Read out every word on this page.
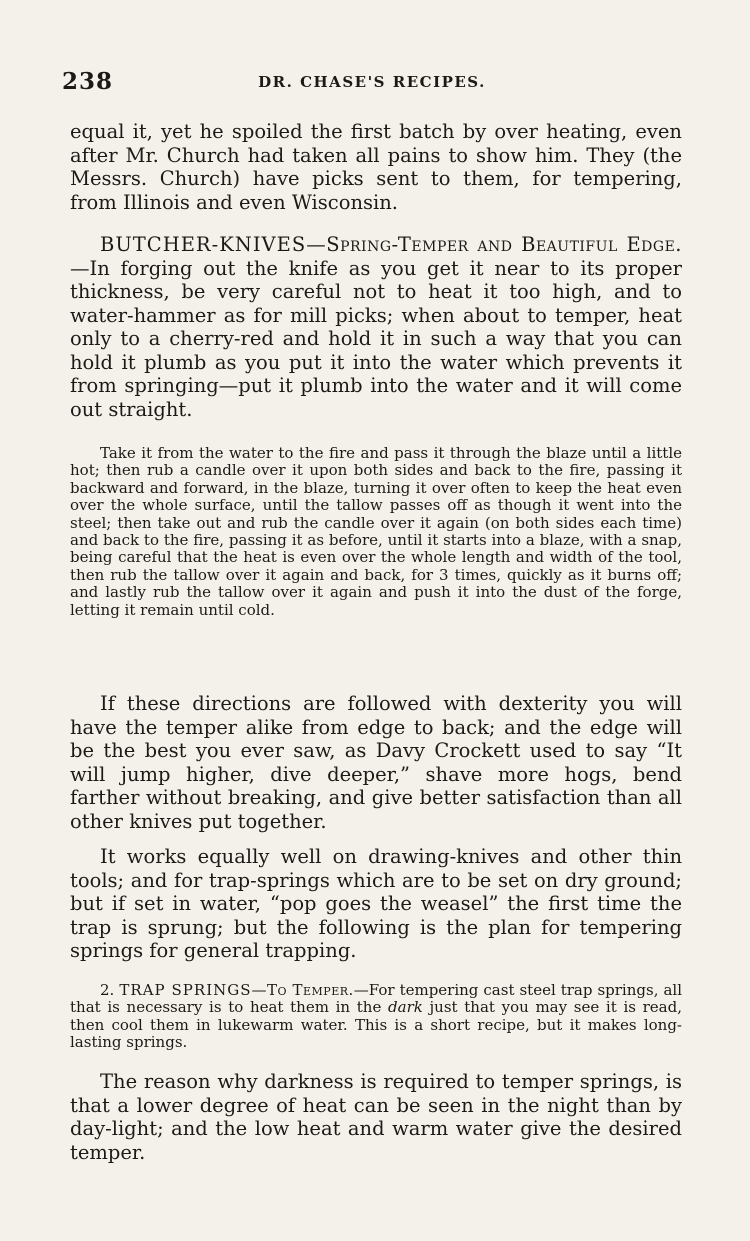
238	DR. CHASE'S RECIPES.

equal it, yet he spoiled the first batch by over heating, even after Mr. Church had taken all pains to show him. They (the Messrs. Church) have picks sent to them, for tempering, from Illinois and even Wisconsin.

BUTCHER-KNIVES—Spring-Temper and Beautiful Edge.—In forging out the knife as you get it near to its proper thickness, be very careful not to heat it too high, and to water-hammer as for mill picks; when about to temper, heat only to a cherry-red and hold it in such a way that you can hold it plumb as you put it into the water which prevents it from springing—put it plumb into the water and it will come out straight.

Take it from the water to the fire and pass it through the blaze until a little hot; then rub a candle over it upon both sides and back to the fire, passing it backward and forward, in the blaze, turning it over often to keep the heat even over the whole surface, until the tallow passes off as though it went into the steel; then take out and rub the candle over it again (on both sides each time) and back to the fire, passing it as before, until it starts into a blaze, with a snap, being careful that the heat is even over the whole length and width of the tool, then rub the tallow over it again and back, for 3 times, quickly as it burns off; and lastly rub the tallow over it again and push it into the dust of the forge, letting it remain until cold.

If these directions are followed with dexterity you will have the temper alike from edge to back; and the edge will be the best you ever saw, as Davy Crockett used to say “It will jump higher, dive deeper,” shave more hogs, bend farther without breaking, and give better satisfaction than all other knives put together.

It works equally well on drawing-knives and other thin tools; and for trap-springs which are to be set on dry ground; but if set in water, “pop goes the weasel” the first time the trap is sprung; but the following is the plan for tempering springs for general trapping.

2. TRAP SPRINGS—To Temper.—For tempering cast steel trap springs, all that is necessary is to heat them in the dark just that you may see it is read, then cool them in lukewarm water. This is a short recipe, but it makes long-lasting springs.

The reason why darkness is required to temper springs, is that a lower degree of heat can be seen in the night than by day-light; and the low heat and warm water give the desired temper.
